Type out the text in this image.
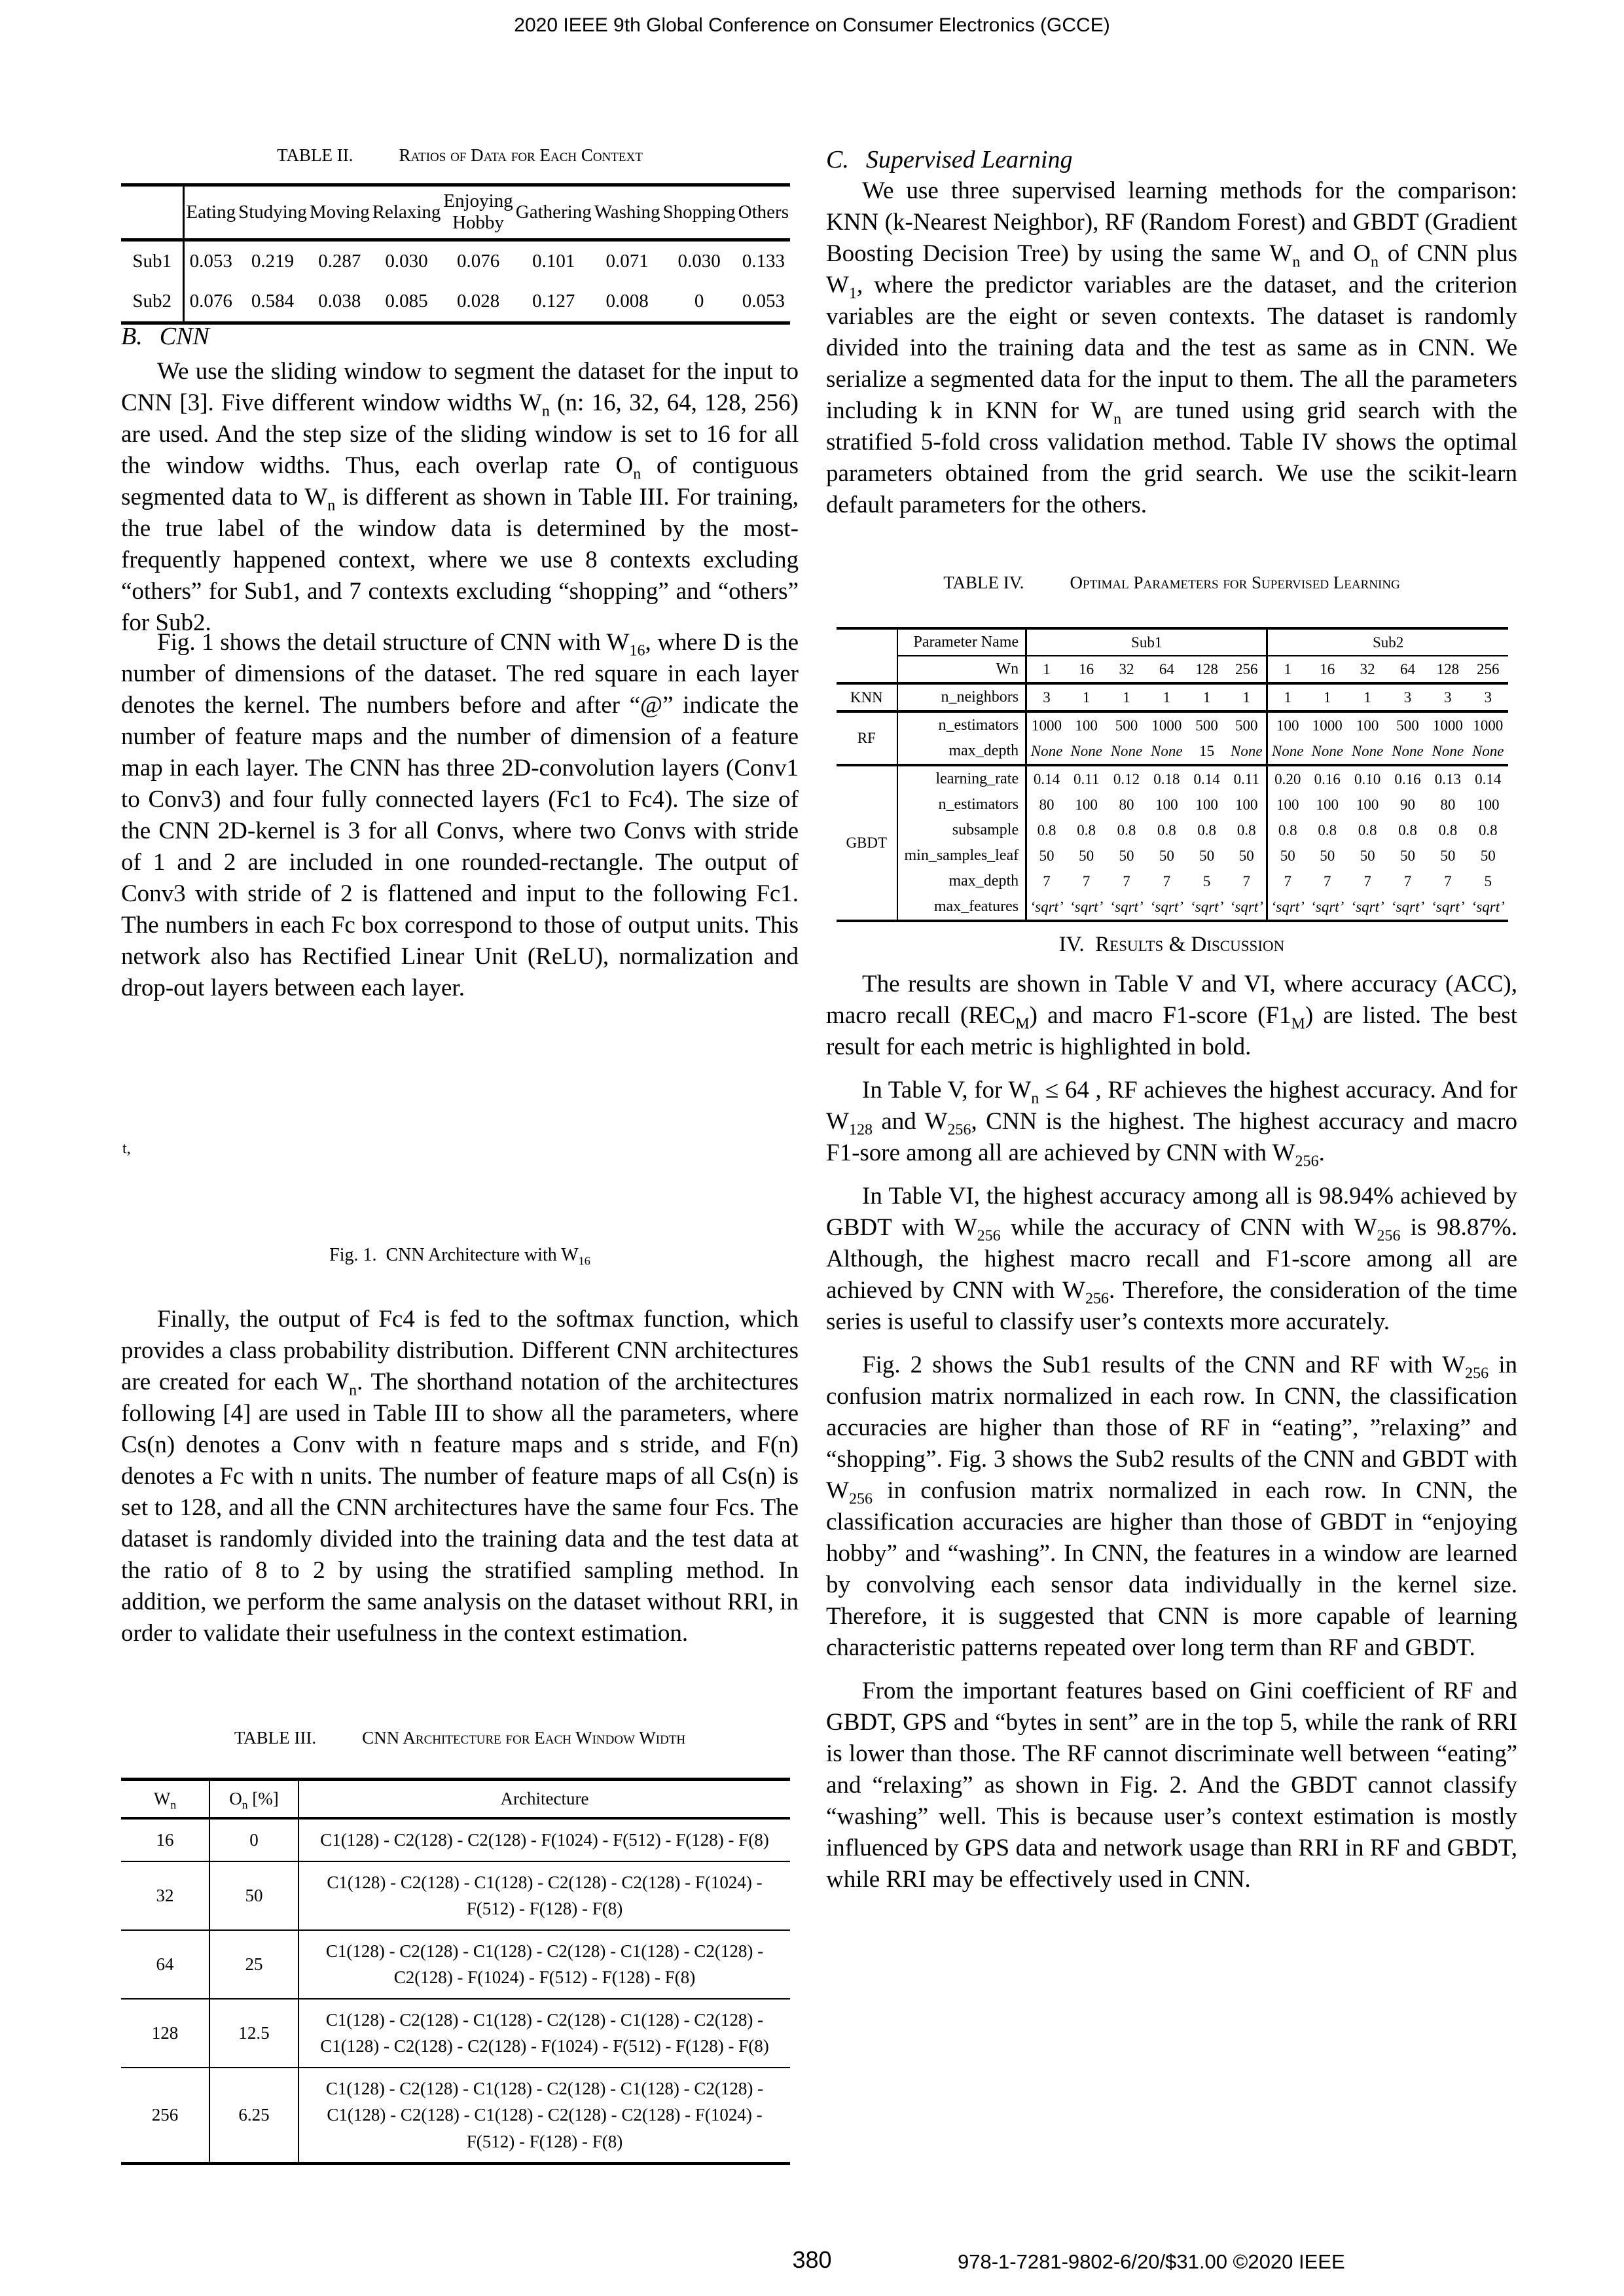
2020 IEEE 9th Global Conference on Consumer Electronics (GCCE)
TABLE II.	Ratios of Data for Each Context
	Eating	Studying	Moving	Relaxing	Enjoying Hobby	Gathering	Washing	Shopping	Others
Sub1	0.053	0.219	0.287	0.030	0.076	0.101	0.071	0.030	0.133
Sub2	0.076	0.584	0.038	0.085	0.028	0.127	0.008	0	0.053
B. CNN
We use the sliding window to segment the dataset for the input to CNN [3]. Five different window widths $W_n$ (n: 16, 32, 64, 128, 256) are used. And the step size of the sliding window is set to 16 for all the window widths. Thus, each overlap rate $O_n$ of contiguous segmented data to $W_n$ is different as shown in Table III. For training, the true label of the window data is determined by the most-frequently happened context, where we use 8 contexts excluding “others” for Sub1, and 7 contexts excluding “shopping” and “others” for Sub2.
Fig. 1 shows the detail structure of CNN with $W_{16}$, where D is the number of dimensions of the dataset. The red square in each layer denotes the kernel. The numbers before and after “@” indicate the number of feature maps and the number of dimension of a feature map in each layer. The CNN has three 2D-convolution layers (Conv1 to Conv3) and four fully connected layers (Fc1 to Fc4). The size of the CNN 2D-kernel is 3 for all Convs, where two Convs with stride of 1 and 2 are included in one rounded-rectangle. The output of Conv3 with stride of 2 is flattened and input to the following Fc1. The numbers in each Fc box correspond to those of output units. This network also has Rectified Linear Unit (ReLU), normalization and drop-out layers between each layer.
t,
Fig. 1.  CNN Architecture with $W_{16}$
Finally, the output of Fc4 is fed to the softmax function, which provides a class probability distribution. Different CNN architectures are created for each $W_n$. The shorthand notation of the architectures following [4] are used in Table III to show all the parameters, where Cs(n) denotes a Conv with n feature maps and s stride, and F(n) denotes a Fc with n units. The number of feature maps of all Cs(n) is set to 128, and all the CNN architectures have the same four Fcs. The dataset is randomly divided into the training data and the test data at the ratio of 8 to 2 by using the stratified sampling method. In addition, we perform the same analysis on the dataset without RRI, in order to validate their usefulness in the context estimation.
TABLE III.	CNN Architecture for Each Window Width
$W_n$	$O_n$ [%]	Architecture
16	0	C1(128) - C2(128) - C2(128) - F(1024) - F(512) - F(128) - F(8)
32	50	C1(128) - C2(128) - C1(128) - C2(128) - C2(128) - F(1024) - F(512) - F(128) - F(8)
64	25	C1(128) - C2(128) - C1(128) - C2(128) - C1(128) - C2(128) - C2(128) - F(1024) - F(512) - F(128) - F(8)
128	12.5	C1(128) - C2(128) - C1(128) - C2(128) - C1(128) - C2(128) - C1(128) - C2(128) - C2(128) - F(1024) - F(512) - F(128) - F(8)
256	6.25	C1(128) - C2(128) - C1(128) - C2(128) - C1(128) - C2(128) - C1(128) - C2(128) - C1(128) - C2(128) - C2(128) - F(1024) - F(512) - F(128) - F(8)
C. Supervised Learning
We use three supervised learning methods for the comparison: KNN (k-Nearest Neighbor), RF (Random Forest) and GBDT (Gradient Boosting Decision Tree) by using the same $W_n$ and $O_n$ of CNN plus $W_1$, where the predictor variables are the dataset, and the criterion variables are the eight or seven contexts. The dataset is randomly divided into the training data and the test as same as in CNN. We serialize a segmented data for the input to them. The all the parameters including k in KNN for $W_n$ are tuned using grid search with the stratified 5-fold cross validation method. Table IV shows the optimal parameters obtained from the grid search. We use the scikit-learn default parameters for the others.
TABLE IV.	Optimal Parameters for Supervised Learning
	Parameter Name	Sub1						Sub2					
	Wn	1	16	32	64	128	256	1	16	32	64	128	256
KNN	n_neighbors	3	1	1	1	1	1	1	1	1	3	3	3
RF	n_estimators	1000	100	500	1000	500	500	100	1000	100	500	1000	1000
	max_depth	None	None	None	None	15	None	None	None	None	None	None	None
GBDT	learning_rate	0.14	0.11	0.12	0.18	0.14	0.11	0.20	0.16	0.10	0.16	0.13	0.14
	n_estimators	80	100	80	100	100	100	100	100	100	90	80	100
	subsample	0.8	0.8	0.8	0.8	0.8	0.8	0.8	0.8	0.8	0.8	0.8	0.8
	min_samples_leaf	50	50	50	50	50	50	50	50	50	50	50	50
	max_depth	7	7	7	7	5	7	7	7	7	7	7	5
	max_features	‘sqrt’	‘sqrt’	‘sqrt’	‘sqrt’	‘sqrt’	‘sqrt’	‘sqrt’	‘sqrt’	‘sqrt’	‘sqrt’	‘sqrt’	‘sqrt’
IV. Results & Discussion
The results are shown in Table V and VI, where accuracy (ACC), macro recall $(REC_M)$ and macro F1-score $(F1_M)$ are listed. The best result for each metric is highlighted in bold.
In Table V, for $W_n \le 64$ , RF achieves the highest accuracy. And for $W_{128}$ and $W_{256}$, CNN is the highest. The highest accuracy and macro F1-sore among all are achieved by CNN with $W_{256}$.
In Table VI, the highest accuracy among all is 98.94% achieved by GBDT with $W_{256}$ while the accuracy of CNN with $W_{256}$ is 98.87%. Although, the highest macro recall and F1-score among all are achieved by CNN with $W_{256}$. Therefore, the consideration of the time series is useful to classify user’s contexts more accurately.
Fig. 2 shows the Sub1 results of the CNN and RF with $W_{256}$ in confusion matrix normalized in each row. In CNN, the classification accuracies are higher than those of RF in “eating”, ”relaxing” and “shopping”. Fig. 3 shows the Sub2 results of the CNN and GBDT with $W_{256}$ in confusion matrix normalized in each row. In CNN, the classification accuracies are higher than those of GBDT in “enjoying hobby” and “washing”. In CNN, the features in a window are learned by convolving each sensor data individually in the kernel size. Therefore, it is suggested that CNN is more capable of learning characteristic patterns repeated over long term than RF and GBDT.
From the important features based on Gini coefficient of RF and GBDT, GPS and “bytes in sent” are in the top 5, while the rank of RRI is lower than those. The RF cannot discriminate well between “eating” and “relaxing” as shown in Fig. 2. And the GBDT cannot classify “washing” well. This is because user’s context estimation is mostly influenced by GPS data and network usage than RRI in RF and GBDT, while RRI may be effectively used in CNN.
380	978-1-7281-9802-6/20/$31.00 ©2020 IEEE
